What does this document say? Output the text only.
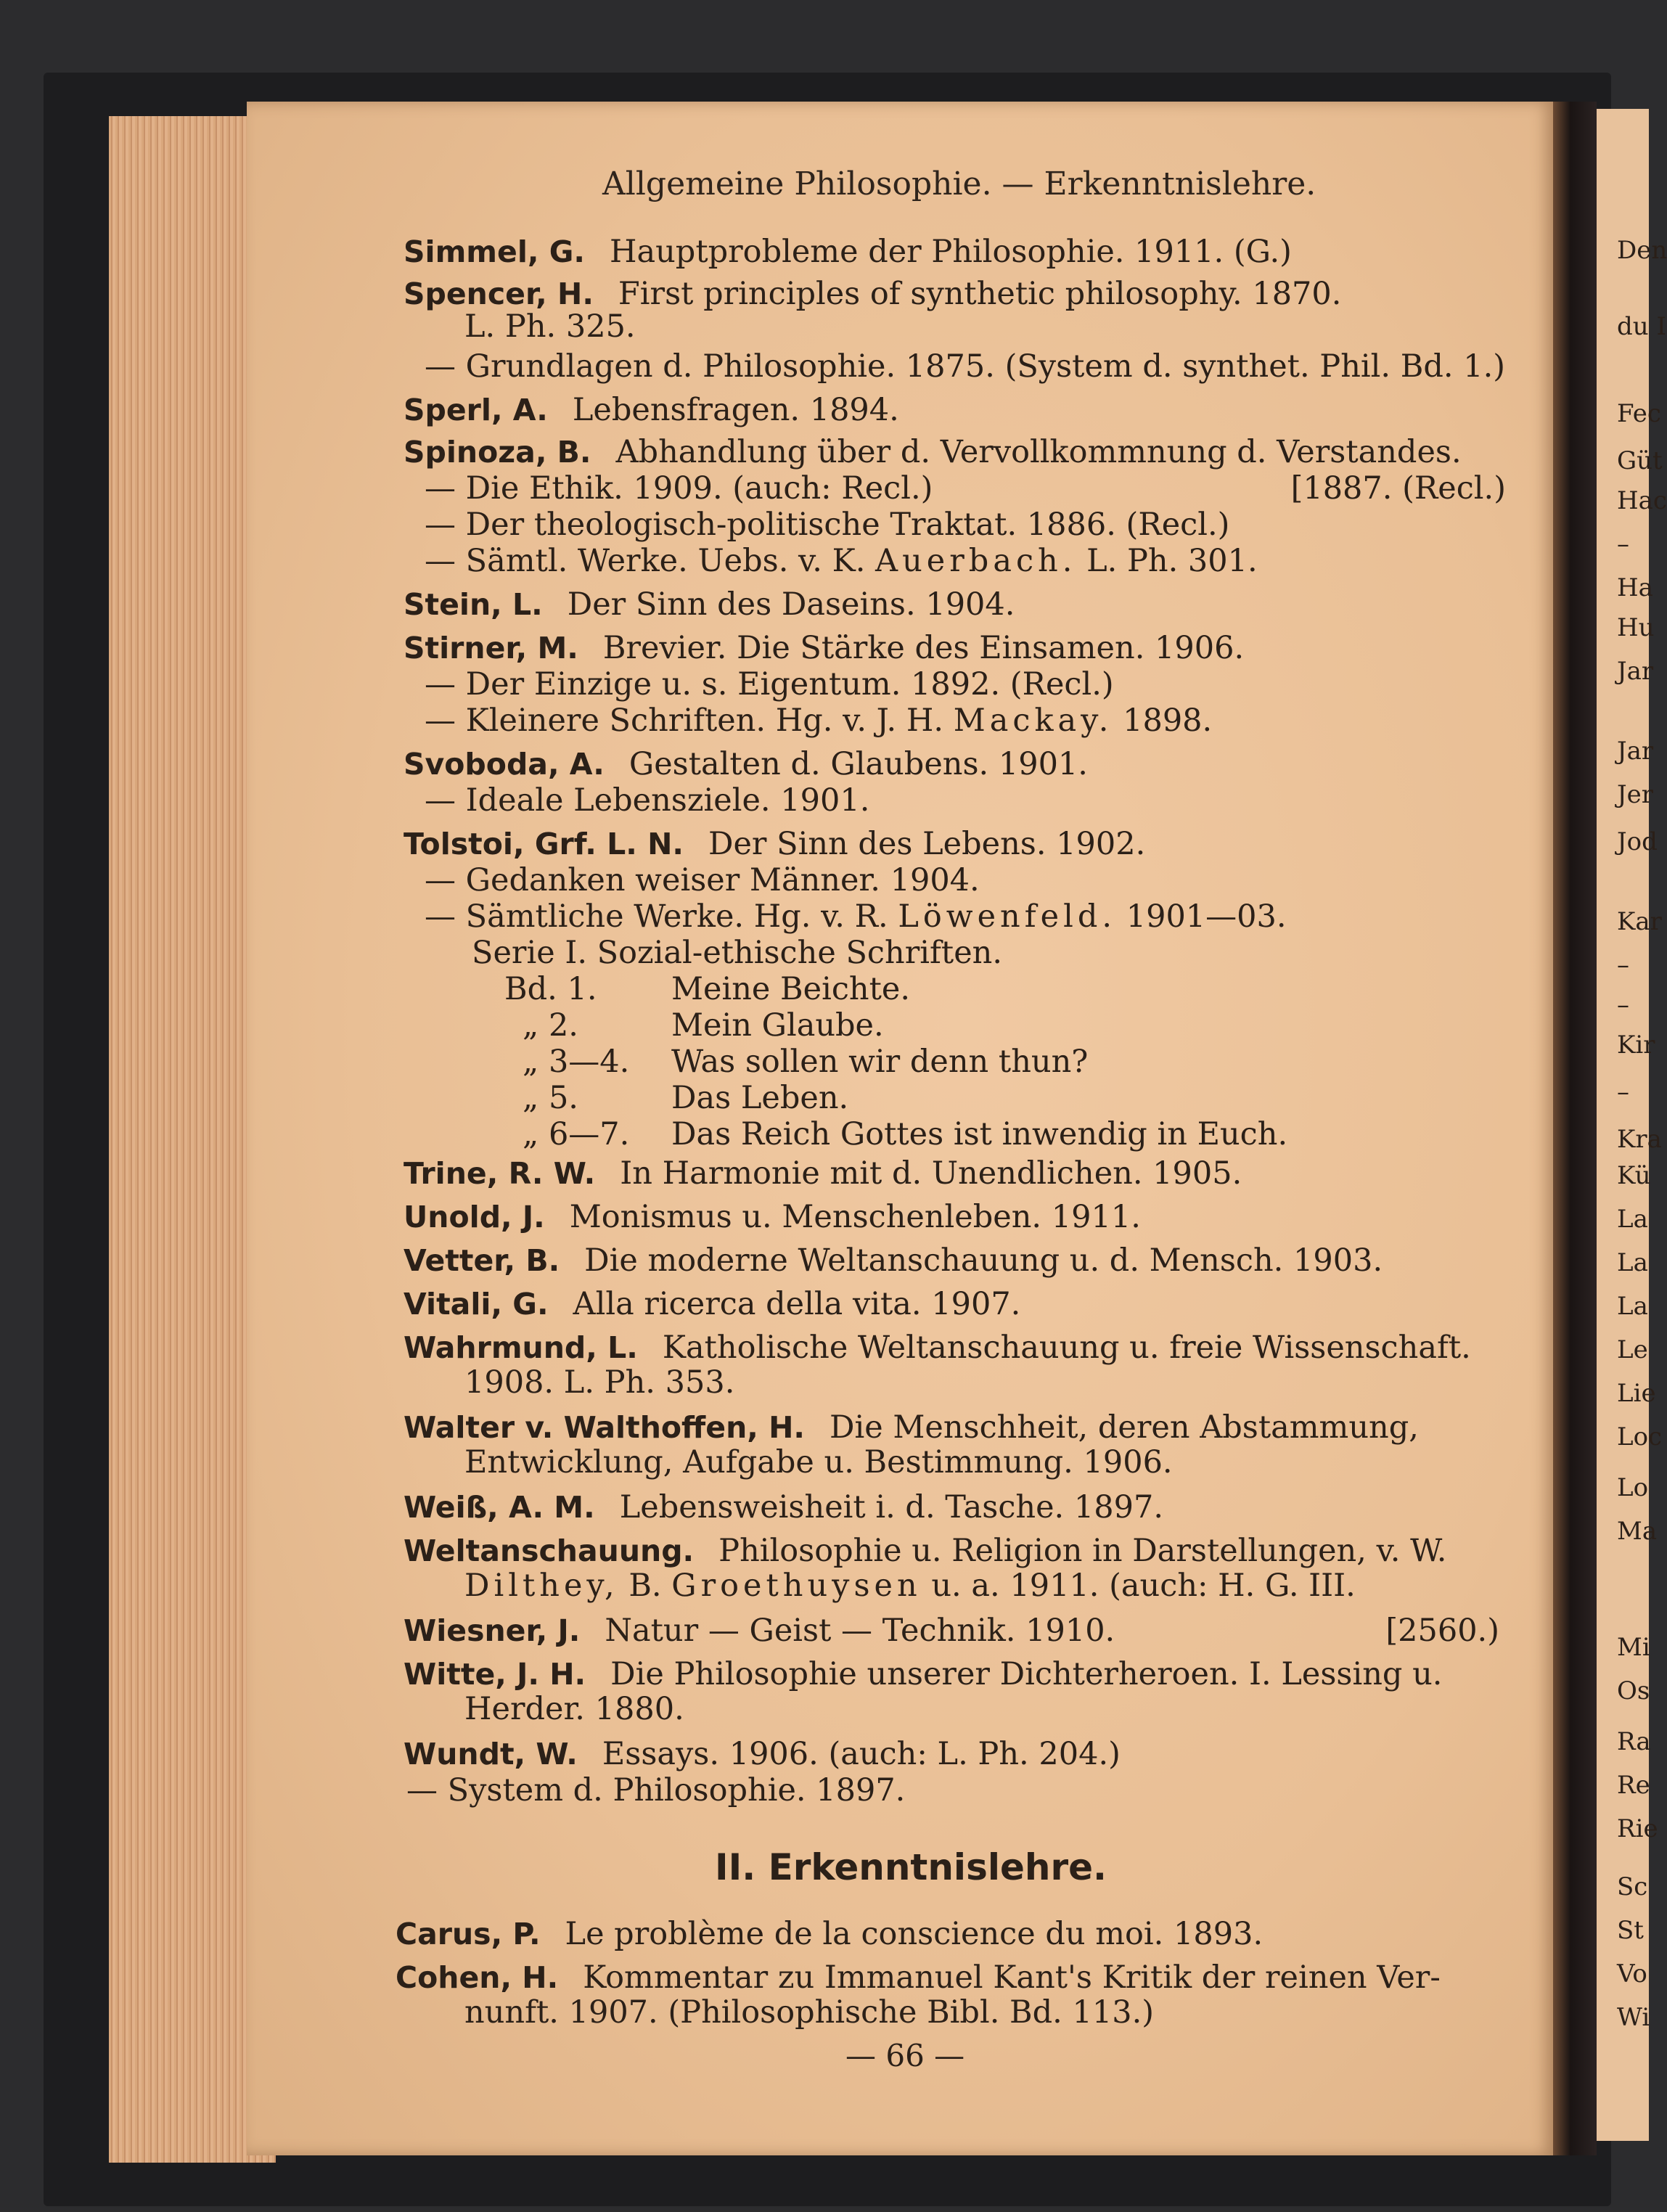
Den
du I
Fec
Güt
Hac
–
Ha
Hu
Jar
Jar
Jer
Jod
Kar
–
–
Kir
–
Kra
Kü
La
La
La
Le
Lie
Loc
Lo
Ma
Mi
Os
Ra
Re
Rie
Sc
St
Vo
Wi
Allgemeine Philosophie. — Erkenntnislehre.
Simmel, G. Hauptprobleme der Philosophie. 1911. (G.)
Spencer, H. First principles of synthetic philosophy. 1870.
L. Ph. 325.
— Grundlagen d. Philosophie. 1875. (System d. synthet. Phil. Bd. 1.)
Sperl, A. Lebensfragen. 1894.
Spinoza, B. Abhandlung über d. Vervollkommnung d. Verstandes.
— Die Ethik. 1909. (auch: Recl.)	[1887. (Recl.)
— Der theologisch-politische Traktat. 1886. (Recl.)
— Sämtl. Werke. Uebs. v. K. Auerbach. L. Ph. 301.
Stein, L. Der Sinn des Daseins. 1904.
Stirner, M. Brevier. Die Stärke des Einsamen. 1906.
— Der Einzige u. s. Eigentum. 1892. (Recl.)
— Kleinere Schriften. Hg. v. J. H. Mackay. 1898.
Svoboda, A. Gestalten d. Glaubens. 1901.
— Ideale Lebensziele. 1901.
Tolstoi, Grf. L. N. Der Sinn des Lebens. 1902.
— Gedanken weiser Männer. 1904.
— Sämtliche Werke. Hg. v. R. Löwenfeld. 1901—03.
Serie I. Sozial-ethische Schriften.
Bd. 1. Meine Beichte.
„ 2.	Mein Glaube.
„ 3—4. Was sollen wir denn thun?
„ 5.	Das Leben.
„ 6—7. Das Reich Gottes ist inwendig in Euch.
Trine, R. W. In Harmonie mit d. Unendlichen. 1905.
Unold, J. Monismus u. Menschenleben. 1911.
Vetter, B. Die moderne Weltanschauung u. d. Mensch. 1903.
Vitali, G. Alla ricerca della vita. 1907.
Wahrmund, L. Katholische Weltanschauung u. freie Wissenschaft.
1908. L. Ph. 353.
Walter v. Walthoffen, H. Die Menschheit, deren Abstammung,
Entwicklung, Aufgabe u. Bestimmung. 1906.
Weiß, A. M. Lebensweisheit i. d. Tasche. 1897.
Weltanschauung. Philosophie u. Religion in Darstellungen, v. W.
Dilthey, B. Groethuysen u. a. 1911. (auch: H. G. III.
Wiesner, J. Natur — Geist — Technik. 1910.	[2560.)
Witte, J. H. Die Philosophie unserer Dichterheroen. I. Lessing u.
Herder. 1880.
Wundt, W. Essays. 1906. (auch: L. Ph. 204.)
— System d. Philosophie. 1897.
II. Erkenntnislehre.
Carus, P. Le problème de la conscience du moi. 1893.
Cohen, H. Kommentar zu Immanuel Kant's Kritik der reinen Ver-
nunft. 1907. (Philosophische Bibl. Bd. 113.)
— 66 —
